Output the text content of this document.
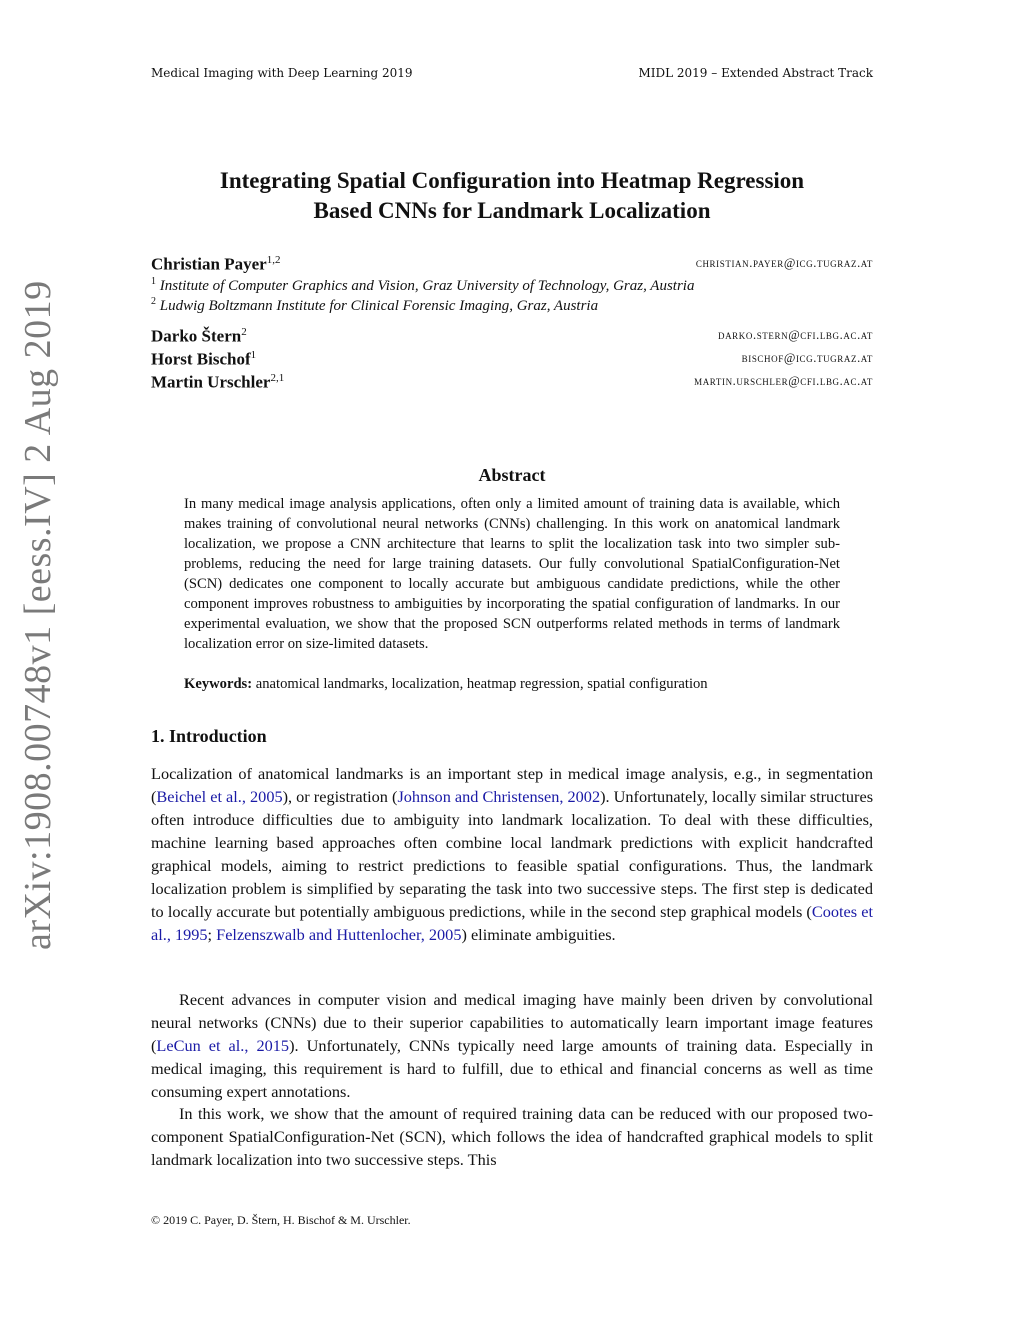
Medical Imaging with Deep Learning 2019	MIDL 2019 – Extended Abstract Track
arXiv:1908.00748v1 [eess.IV] 2 Aug 2019
Integrating Spatial Configuration into Heatmap Regression
Based CNNs for Landmark Localization
Christian Payer$^{1,2}$	christian.payer@icg.tugraz.at
$^1$ Institute of Computer Graphics and Vision, Graz University of Technology, Graz, Austria
$^2$ Ludwig Boltzmann Institute for Clinical Forensic Imaging, Graz, Austria
Darko Štern$^2$	darko.stern@cfi.lbg.ac.at
Horst Bischof$^1$	bischof@icg.tugraz.at
Martin Urschler$^{2,1}$	martin.urschler@cfi.lbg.ac.at
Abstract
In many medical image analysis applications, often only a limited amount of training data is available, which makes training of convolutional neural networks (CNNs) challenging. In this work on anatomical landmark localization, we propose a CNN architecture that learns to split the localization task into two simpler sub-problems, reducing the need for large training datasets. Our fully convolutional SpatialConfiguration-Net (SCN) dedicates one component to locally accurate but ambiguous candidate predictions, while the other component improves robustness to ambiguities by incorporating the spatial configuration of landmarks. In our experimental evaluation, we show that the proposed SCN outperforms related methods in terms of landmark localization error on size-limited datasets.
Keywords: anatomical landmarks, localization, heatmap regression, spatial configuration
1. Introduction

Localization of anatomical landmarks is an important step in medical image analysis, e.g., in segmentation (Beichel et al., 2005), or registration (Johnson and Christensen, 2002). Unfortunately, locally similar structures often introduce difficulties due to ambiguity into landmark localization. To deal with these difficulties, machine learning based approaches often combine local landmark predictions with explicit handcrafted graphical models, aiming to restrict predictions to feasible spatial configurations. Thus, the landmark localization problem is simplified by separating the task into two successive steps. The first step is dedicated to locally accurate but potentially ambiguous predictions, while in the second step graphical models (Cootes et al., 1995; Felzenszwalb and Huttenlocher, 2005) eliminate ambiguities.

Recent advances in computer vision and medical imaging have mainly been driven by convolutional neural networks (CNNs) due to their superior capabilities to automatically learn important image features (LeCun et al., 2015). Unfortunately, CNNs typically need large amounts of training data. Especially in medical imaging, this requirement is hard to fulfill, due to ethical and financial concerns as well as time consuming expert annotations.

In this work, we show that the amount of required training data can be reduced with our proposed two-component SpatialConfiguration-Net (SCN), which follows the idea of handcrafted graphical models to split landmark localization into two successive steps. This

© 2019 C. Payer, D. Štern, H. Bischof & M. Urschler.
